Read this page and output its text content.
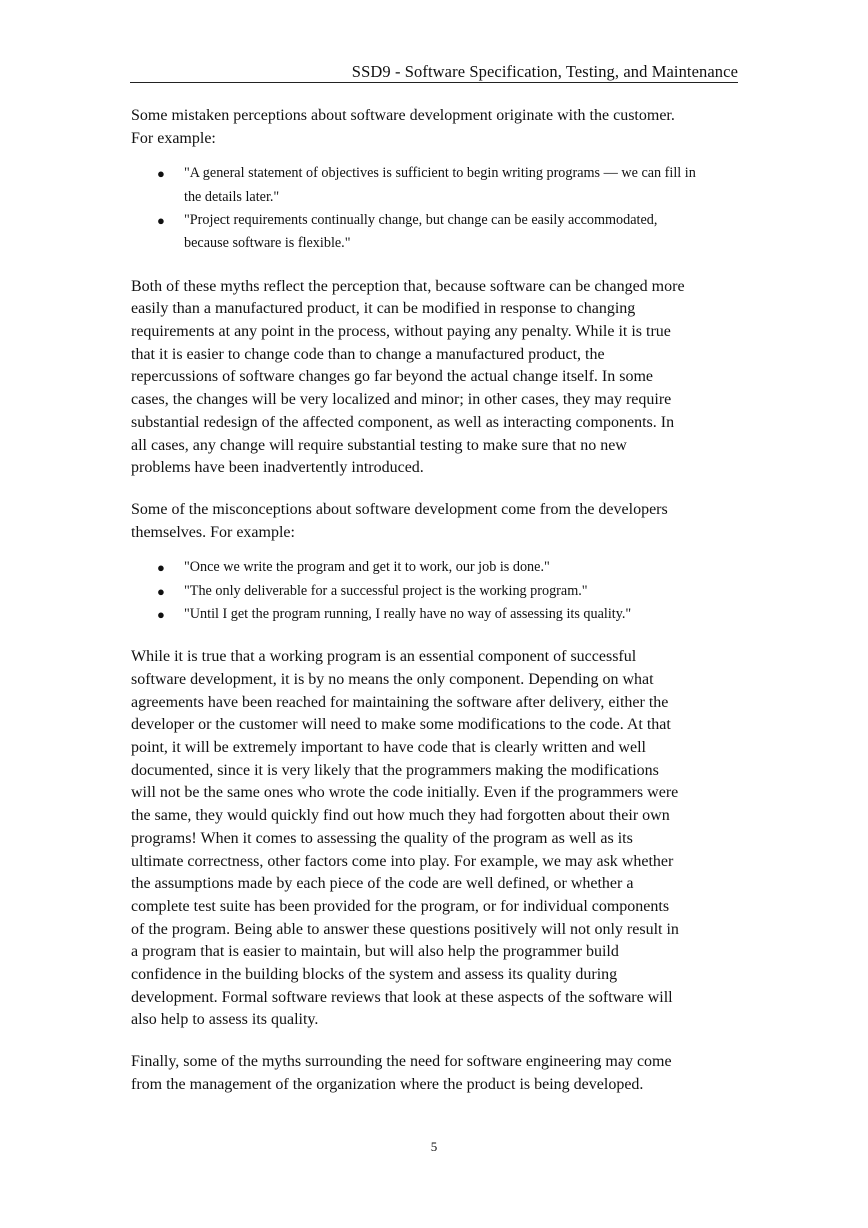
SSD9 - Software Specification, Testing, and Maintenance

Some mistaken perceptions about software development originate with the customer.
For example:

● "A general statement of objectives is sufficient to begin writing programs — we can fill in
the details later."
● "Project requirements continually change, but change can be easily accommodated,
because software is flexible."

Both of these myths reflect the perception that, because software can be changed more
easily than a manufactured product, it can be modified in response to changing
requirements at any point in the process, without paying any penalty. While it is true
that it is easier to change code than to change a manufactured product, the
repercussions of software changes go far beyond the actual change itself. In some
cases, the changes will be very localized and minor; in other cases, they may require
substantial redesign of the affected component, as well as interacting components. In
all cases, any change will require substantial testing to make sure that no new
problems have been inadvertently introduced.

Some of the misconceptions about software development come from the developers
themselves. For example:

● "Once we write the program and get it to work, our job is done."
● "The only deliverable for a successful project is the working program."
● "Until I get the program running, I really have no way of assessing its quality."

While it is true that a working program is an essential component of successful
software development, it is by no means the only component. Depending on what
agreements have been reached for maintaining the software after delivery, either the
developer or the customer will need to make some modifications to the code. At that
point, it will be extremely important to have code that is clearly written and well
documented, since it is very likely that the programmers making the modifications
will not be the same ones who wrote the code initially. Even if the programmers were
the same, they would quickly find out how much they had forgotten about their own
programs! When it comes to assessing the quality of the program as well as its
ultimate correctness, other factors come into play. For example, we may ask whether
the assumptions made by each piece of the code are well defined, or whether a
complete test suite has been provided for the program, or for individual components
of the program. Being able to answer these questions positively will not only result in
a program that is easier to maintain, but will also help the programmer build
confidence in the building blocks of the system and assess its quality during
development. Formal software reviews that look at these aspects of the software will
also help to assess its quality.

Finally, some of the myths surrounding the need for software engineering may come
from the management of the organization where the product is being developed.

5
